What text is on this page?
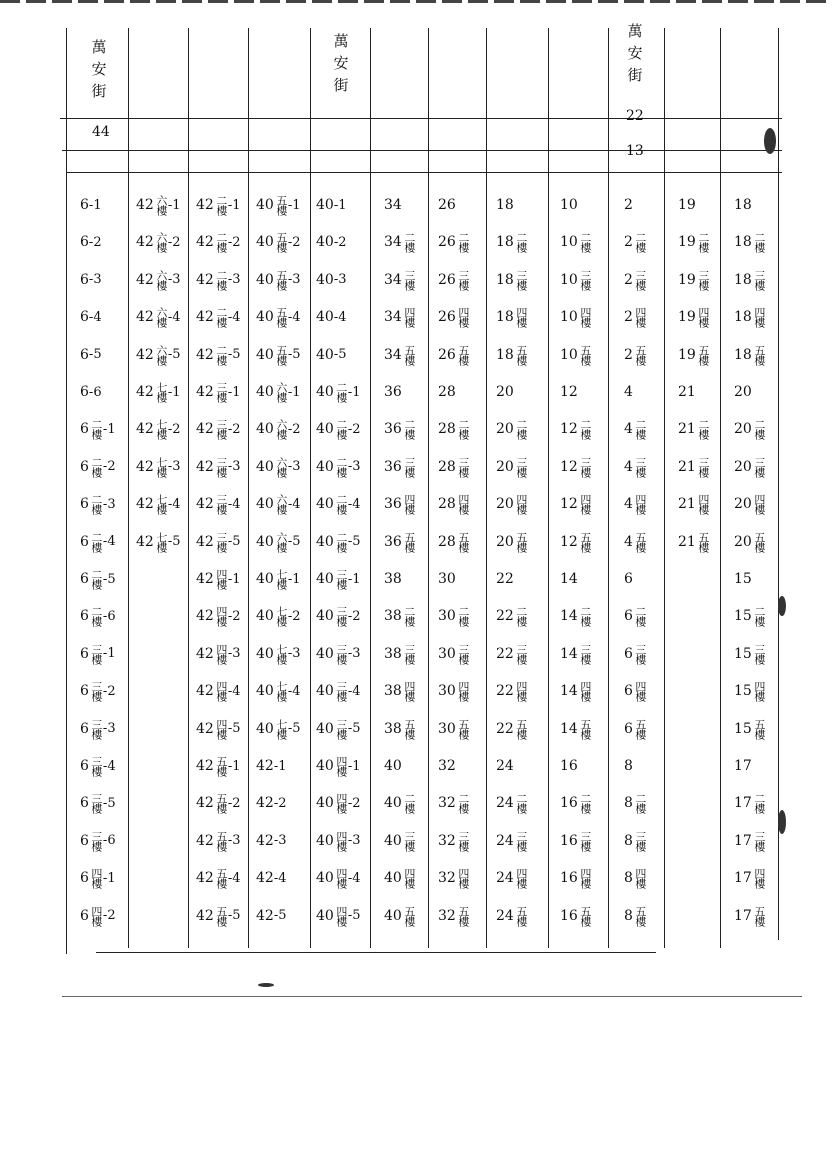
萬安街
萬安街
萬安街
44
22
13
6 -1
6 -2
6 -3
6 -4
6 -5
6 -6
6 二樓 -1
6 二樓 -2
6 二樓 -3
6 二樓 -4
6 二樓 -5
6 二樓 -6
6 三樓 -1
6 三樓 -2
6 三樓 -3
6 三樓 -4
6 三樓 -5
6 三樓 -6
6 四樓 -1
6 四樓 -2
42 六樓 -1
42 六樓 -2
42 六樓 -3
42 六樓 -4
42 六樓 -5
42 七樓 -1
42 七樓 -2
42 七樓 -3
42 七樓 -4
42 七樓 -5
42 二樓 -1
42 二樓 -2
42 二樓 -3
42 二樓 -4
42 二樓 -5
42 三樓 -1
42 三樓 -2
42 三樓 -3
42 三樓 -4
42 三樓 -5
42 四樓 -1
42 四樓 -2
42 四樓 -3
42 四樓 -4
42 四樓 -5
42 五樓 -1
42 五樓 -2
42 五樓 -3
42 五樓 -4
42 五樓 -5
40 五樓 -1
40 五樓 -2
40 五樓 -3
40 五樓 -4
40 五樓 -5
40 六樓 -1
40 六樓 -2
40 六樓 -3
40 六樓 -4
40 六樓 -5
40 七樓 -1
40 七樓 -2
40 七樓 -3
40 七樓 -4
40 七樓 -5
42 -1
42 -2
42 -3
42 -4
42 -5
40 -1
40 -2
40 -3
40 -4
40 -5
40 二樓 -1
40 二樓 -2
40 二樓 -3
40 二樓 -4
40 二樓 -5
40 三樓 -1
40 三樓 -2
40 三樓 -3
40 三樓 -4
40 三樓 -5
40 四樓 -1
40 四樓 -2
40 四樓 -3
40 四樓 -4
40 四樓 -5
34
34 二樓
34 三樓
34 四樓
34 五樓
36
36 二樓
36 三樓
36 四樓
36 五樓
38
38 二樓
38 三樓
38 四樓
38 五樓
40
40 二樓
40 三樓
40 四樓
40 五樓
26
26 二樓
26 三樓
26 四樓
26 五樓
28
28 二樓
28 三樓
28 四樓
28 五樓
30
30 二樓
30 三樓
30 四樓
30 五樓
32
32 二樓
32 三樓
32 四樓
32 五樓
18
18 二樓
18 三樓
18 四樓
18 五樓
20
20 二樓
20 三樓
20 四樓
20 五樓
22
22 二樓
22 三樓
22 四樓
22 五樓
24
24 二樓
24 三樓
24 四樓
24 五樓
10
10 二樓
10 三樓
10 四樓
10 五樓
12
12 二樓
12 三樓
12 四樓
12 五樓
14
14 二樓
14 三樓
14 四樓
14 五樓
16
16 二樓
16 三樓
16 四樓
16 五樓
2
2 二樓
2 三樓
2 四樓
2 五樓
4
4 二樓
4 三樓
4 四樓
4 五樓
6
6 二樓
6 三樓
6 四樓
6 五樓
8
8 二樓
8 三樓
8 四樓
8 五樓
19
19 二樓
19 三樓
19 四樓
19 五樓
21
21 二樓
21 三樓
21 四樓
21 五樓
18
18 二樓
18 三樓
18 四樓
18 五樓
20
20 二樓
20 三樓
20 四樓
20 五樓
15
15 二樓
15 三樓
15 四樓
15 五樓
17
17 二樓
17 三樓
17 四樓
17 五樓
